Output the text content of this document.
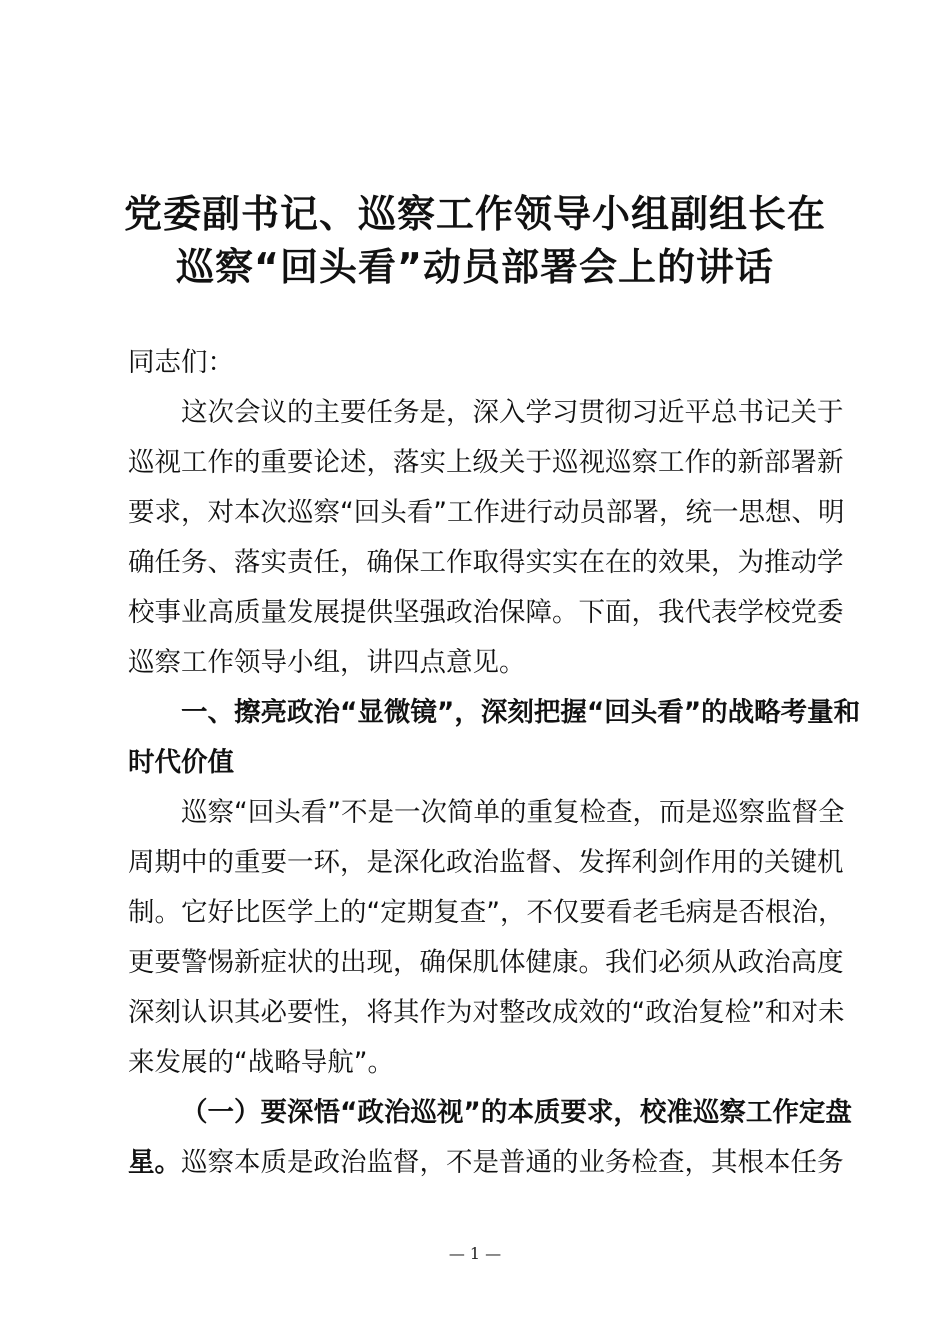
党委副书记、巡察工作领导小组副组长在
巡察“回头看”动员部署会上的讲话
同志们：
这次会议的主要任务是，深入学习贯彻习近平总书记关于
巡视工作的重要论述，落实上级关于巡视巡察工作的新部署新
要求，对本次巡察“回头看”工作进行动员部署，统一思想、明
确任务、落实责任，确保工作取得实实在在的效果，为推动学
校事业高质量发展提供坚强政治保障。下面，我代表学校党委
巡察工作领导小组，讲四点意见。
一、擦亮政治“显微镜”，深刻把握“回头看”的战略考量和
时代价值
巡察“回头看”不是一次简单的重复检查，而是巡察监督全
周期中的重要一环，是深化政治监督、发挥利剑作用的关键机
制。它好比医学上的“定期复查”，不仅要看老毛病是否根治，
更要警惕新症状的出现，确保肌体健康。我们必须从政治高度
深刻认识其必要性，将其作为对整改成效的“政治复检”和对未
来发展的“战略导航”。
（一）要深悟“政治巡视”的本质要求，校准巡察工作定盘
星。巡察本质是政治监督，不是普通的业务检查，其根本任务
— 1 —
